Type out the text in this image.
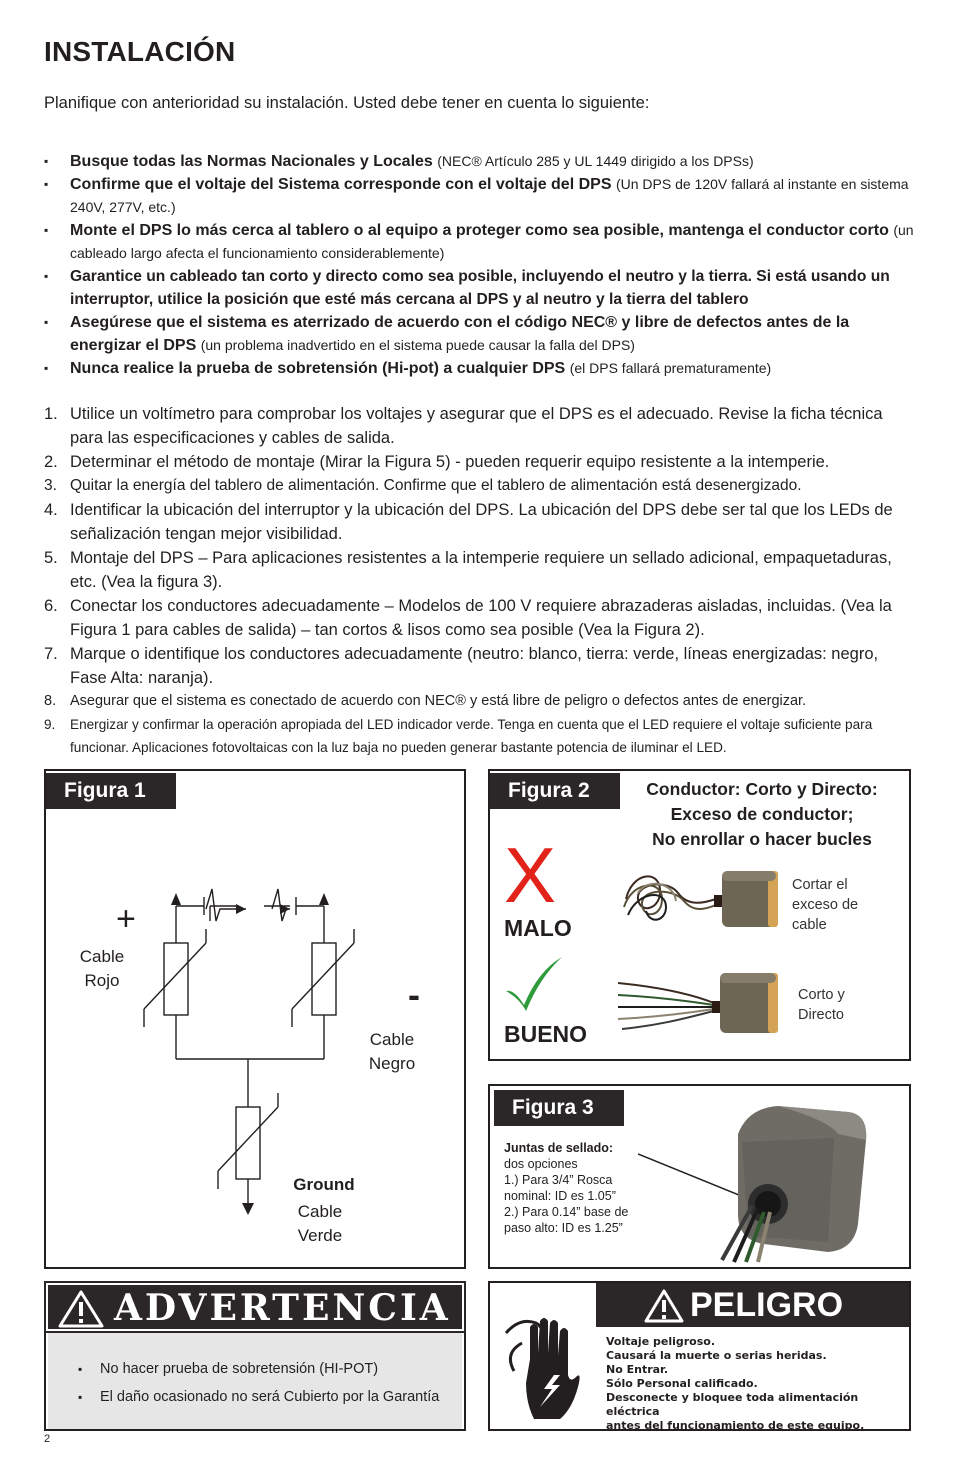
INSTALACIÓN
Planifique con anterioridad su instalación. Usted debe tener en cuenta lo siguiente:
▪ Busque todas las Normas Nacionales y Locales (NEC® Artículo 285 y UL 1449 dirigido a los DPSs)
▪ Confirme que el voltaje del Sistema corresponde con el voltaje del DPS (Un DPS de 120V fallará al instante en sistema 240V, 277V, etc.)
▪ Monte el DPS lo más cerca al tablero o al equipo a proteger como sea posible, mantenga el conductor corto (un cableado largo afecta el funcionamiento considerablemente)
▪ Garantice un cableado tan corto y directo como sea posible, incluyendo el neutro y la tierra. Si está usando un interruptor, utilice la posición que esté más cercana al DPS y al neutro y la tierra del tablero
▪ Asegúrese que el sistema es aterrizado de acuerdo con el código NEC® y libre de defectos antes de la energizar el DPS (un problema inadvertido en el sistema puede causar la falla del DPS)
▪ Nunca realice la prueba de sobretensión (Hi-pot) a cualquier DPS (el DPS fallará prematuramente)
1. Utilice un voltímetro para comprobar los voltajes y asegurar que el DPS es el adecuado. Revise la ficha técnica para las especificaciones y cables de salida.
2. Determinar el método de montaje (Mirar la Figura 5) - pueden requerir equipo resistente a la intemperie.
3. Quitar la energía del tablero de alimentación. Confirme que el tablero de alimentación está desenergizado.
4. Identificar la ubicación del interruptor y la ubicación del DPS. La ubicación del DPS debe ser tal que los LEDs de señalización tengan mejor visibilidad.
5. Montaje del DPS – Para aplicaciones resistentes a la intemperie requiere un sellado adicional, empaquetaduras, etc. (Vea la figura 3).
6. Conectar los conductores adecuadamente – Modelos de 100 V requiere abrazaderas aisladas, incluidas. (Vea la Figura 1 para cables de salida) – tan cortos & lisos como sea posible (Vea la Figura 2).
7. Marque o identifique los conductores adecuadamente (neutro: blanco, tierra: verde, líneas energizadas: negro, Fase Alta: naranja).
8. Asegurar que el sistema es conectado de acuerdo con NEC® y está libre de peligro o defectos antes de energizar.
9. Energizar y confirmar la operación apropiada del LED indicador verde. Tenga en cuenta que el LED requiere el voltaje suficiente para funcionar. Aplicaciones fotovoltaicas con la luz baja no pueden generar bastante potencia de iluminar el LED.
Figura 1
+
Cable
Rojo	-
Cable
Negro
Ground
Cable
Verde
Figura 2	Conductor: Corto y Directo:
Exceso de conductor;
No enrollar o hacer bucles
X
MALO
BUENO
Cortar el
exceso de
cable
Corto y
Directo
Figura 3
Juntas de sellado:
dos opciones
1.) Para 3/4” Rosca
nominal: ID es 1.05”
2.) Para 0.14” base de
paso alto: ID es 1.25”
ADVERTENCIA
▪ No hacer prueba de sobretensión (HI-POT)
▪ El daño ocasionado no será Cubierto por la Garantía
PELIGRO
Voltaje peligroso.
Causará la muerte o serias heridas.
No Entrar.
Sólo Personal calificado.
Desconecte y bloquee toda alimentación eléctrica
antes del funcionamiento de este equipo.
2
